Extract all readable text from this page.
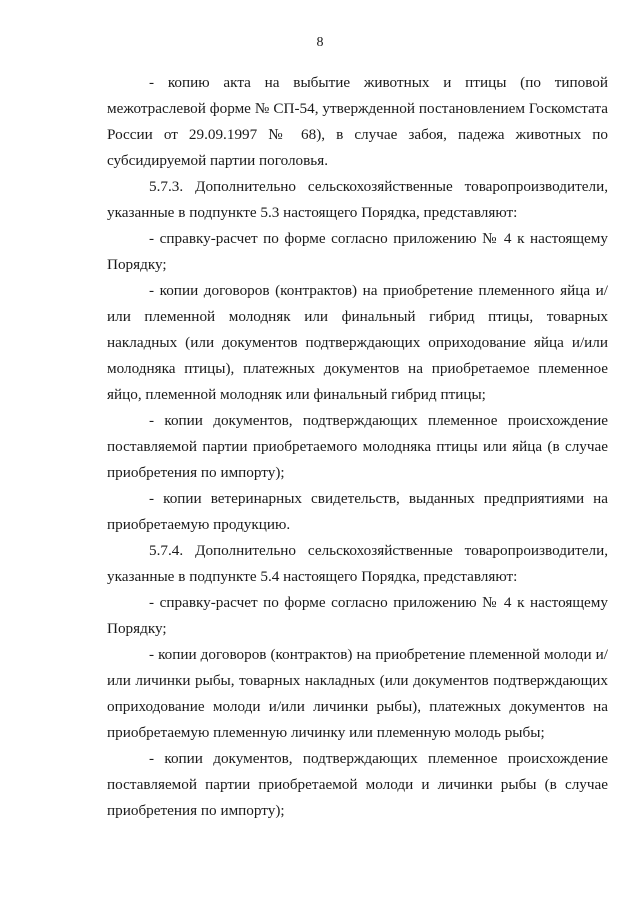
8

- копию акта на выбытие животных и птицы (по типовой межотраслевой форме № СП-54, утвержденной постановлением Госкомстата России от 29.09.1997 № 68), в случае забоя, падежа животных по субсидируемой партии поголовья.

5.7.3. Дополнительно сельскохозяйственные товаропроизводители, указанные в подпункте 5.3 настоящего Порядка, представляют:

- справку-расчет по форме согласно приложению № 4 к настоящему Порядку;

- копии договоров (контрактов) на приобретение племенного яйца и/или племенной молодняк или финальный гибрид птицы, товарных накладных (или документов подтверждающих оприходование яйца и/или молодняка птицы), платежных документов на приобретаемое племенное яйцо, племенной молодняк или финальный гибрид птицы;

- копии документов, подтверждающих племенное происхождение поставляемой партии приобретаемого молодняка птицы или яйца (в случае приобретения по импорту);

- копии ветеринарных свидетельств, выданных предприятиями на приобретаемую продукцию.

5.7.4. Дополнительно сельскохозяйственные товаропроизводители, указанные в подпункте 5.4 настоящего Порядка, представляют:

- справку-расчет по форме согласно приложению № 4 к настоящему Порядку;

- копии договоров (контрактов) на приобретение племенной молоди и/или личинки рыбы, товарных накладных (или документов подтверждающих оприходование молоди и/или личинки рыбы), платежных документов на приобретаемую племенную личинку или племенную молодь рыбы;

- копии документов, подтверждающих племенное происхождение поставляемой партии приобретаемой молоди и личинки рыбы (в случае приобретения по импорту);
